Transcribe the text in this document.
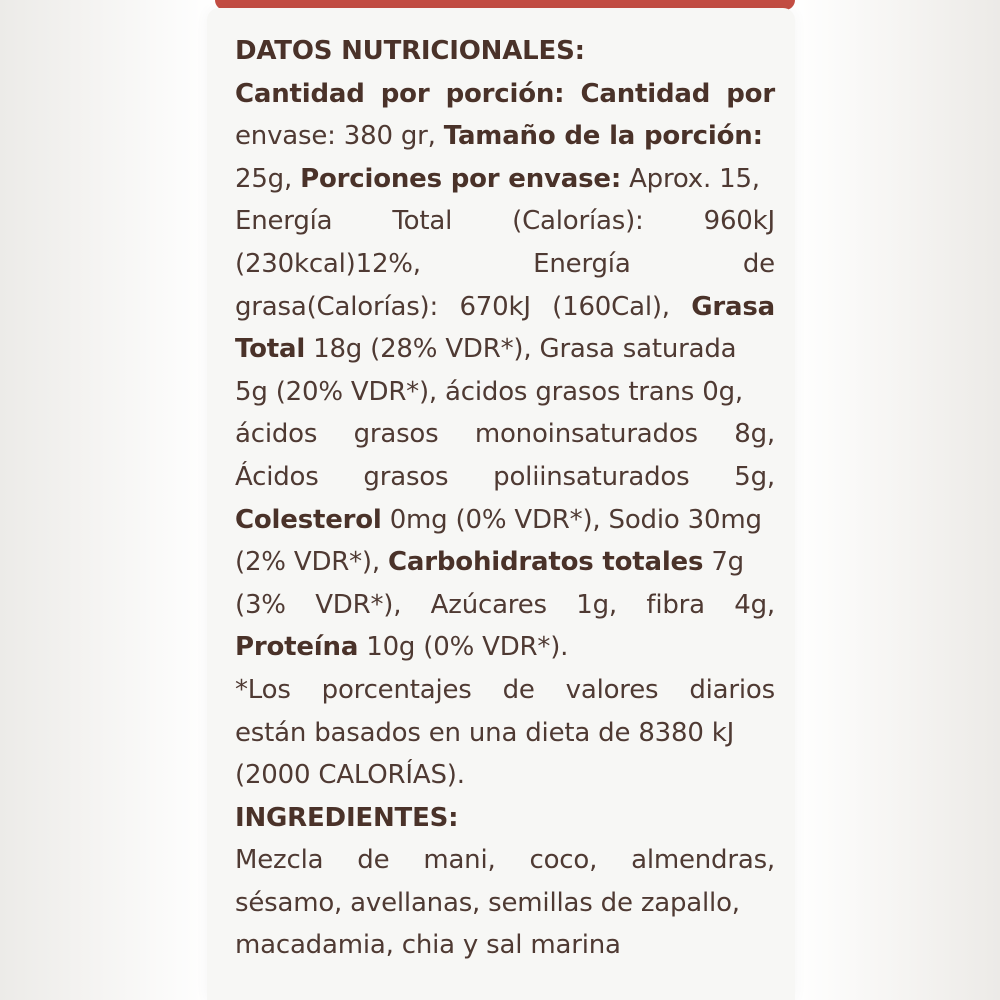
DATOS NUTRICIONALES:
Cantidad por porción: Cantidad por
envase: 380 gr, Tamaño de la porción:
25g, Porciones por envase: Aprox. 15,
Energía Total (Calorías): 960kJ
(230kcal)12%,	Energía	de
grasa(Calorías): 670kJ (160Cal), Grasa
Total 18g (28% VDR*), Grasa saturada
5g (20% VDR*), ácidos grasos trans 0g,
ácidos grasos monoinsaturados 8g,
Ácidos grasos poliinsaturados 5g,
Colesterol 0mg (0% VDR*), Sodio 30mg
(2% VDR*), Carbohidratos totales 7g
(3% VDR*), Azúcares 1g, fibra 4g,
Proteína 10g (0% VDR*).
*Los porcentajes de valores diarios
están basados en una dieta de 8380 kJ
(2000 CALORÍAS).
INGREDIENTES:
Mezcla de mani, coco, almendras,
sésamo, avellanas, semillas de zapallo,
macadamia, chia y sal marina
